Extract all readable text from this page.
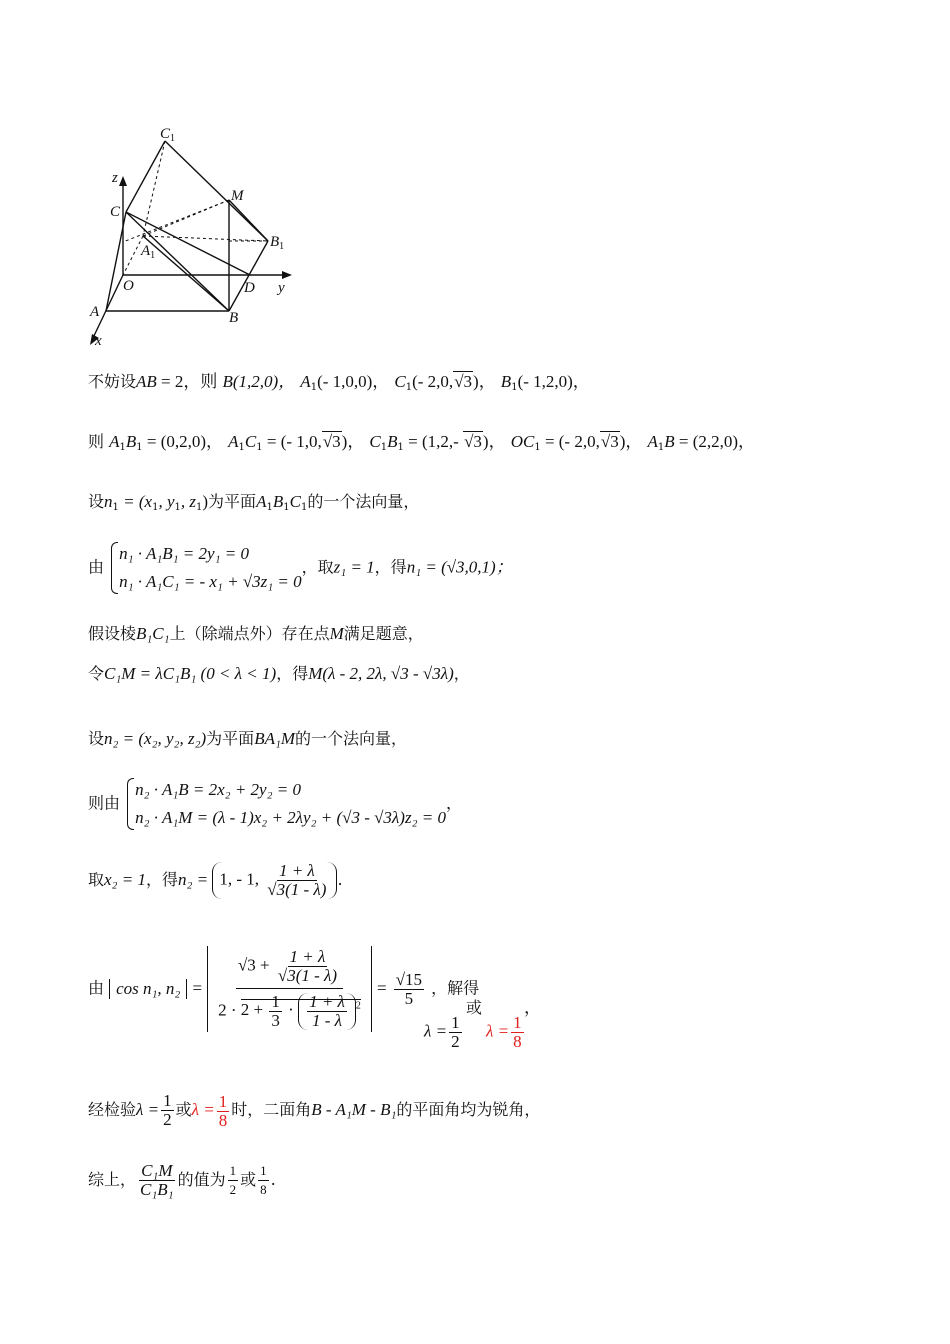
$C_1$
z
C
M
$A_1$
$B_1$
O	D y
A	B
x
不妨设AB = 2，则 B(1,2,0)， $A_1(-$ 1,0,0)， $C_1(-$ 2,0,√3)， $B_1(-$ 1,2,0)，
则 $A_1B_1 = (0,2,0)$， $A_1C_1$ = (- 1,0,√3)， $C_1B_1 = (1,2,-$ √3)， $OC_1$ = (- 2,0,√3)， $A_1B = (2,2,0)$，
设$n_1 = (x_1$, $y_1$, $z_1$)为平面$A_1B_1C_1$的一个法向量，
由
n₁ · A₁B₁ = 2y₁ = 0
n₁ · A₁C₁ = - x₁ + √3z₁ = 0
，取z₁ = 1，得n₁ = (√3,0,1)；
假设棱B₁C₁上（除端点外）存在点M满足题意，
令C₁M = λC₁B₁ (0 < λ < 1)，得M(λ - 2, 2λ, √3 - √3λ)，
设n₂ = (x₂, y₂, z₂)为平面BA₁M的一个法向量，
则由
n₂ · A₁B = 2x₂ + 2y₂ = 0
n₂ · A₁M = (λ - 1)x₂ + 2λy₂ + (√3 - √3λ)z₂ = 0
，
取x₂ = 1，得n₂ = 1, - 1, $\frac{1 + \lambda}{√3(1 - \lambda)}$ .
由 cos n₁, $n_2 = \frac{√3 + \frac{1 + \lambda}{√3(1 - \lambda)}}{2 \cdot 2 + \frac{1}{3} \cdot \frac{1 + \lambda}{1 - \lambda} ^2} = \frac{√15}{5}$ ，解得
或 ，
$\lambda = \frac{1}{2}$ $\lambda = \frac{1}{8}$
经检验$\lambda = \frac{1}{2}$ 或$\lambda = \frac{1}{8}$ 时，二面角B - A₁M - B₁的平面角均为锐角，
综上， $\frac{\text{C₁M}}{\text{C₁B₁}}$ 的值为 $\frac{1}{2}$ 或 $\frac{1}{8}$ .
